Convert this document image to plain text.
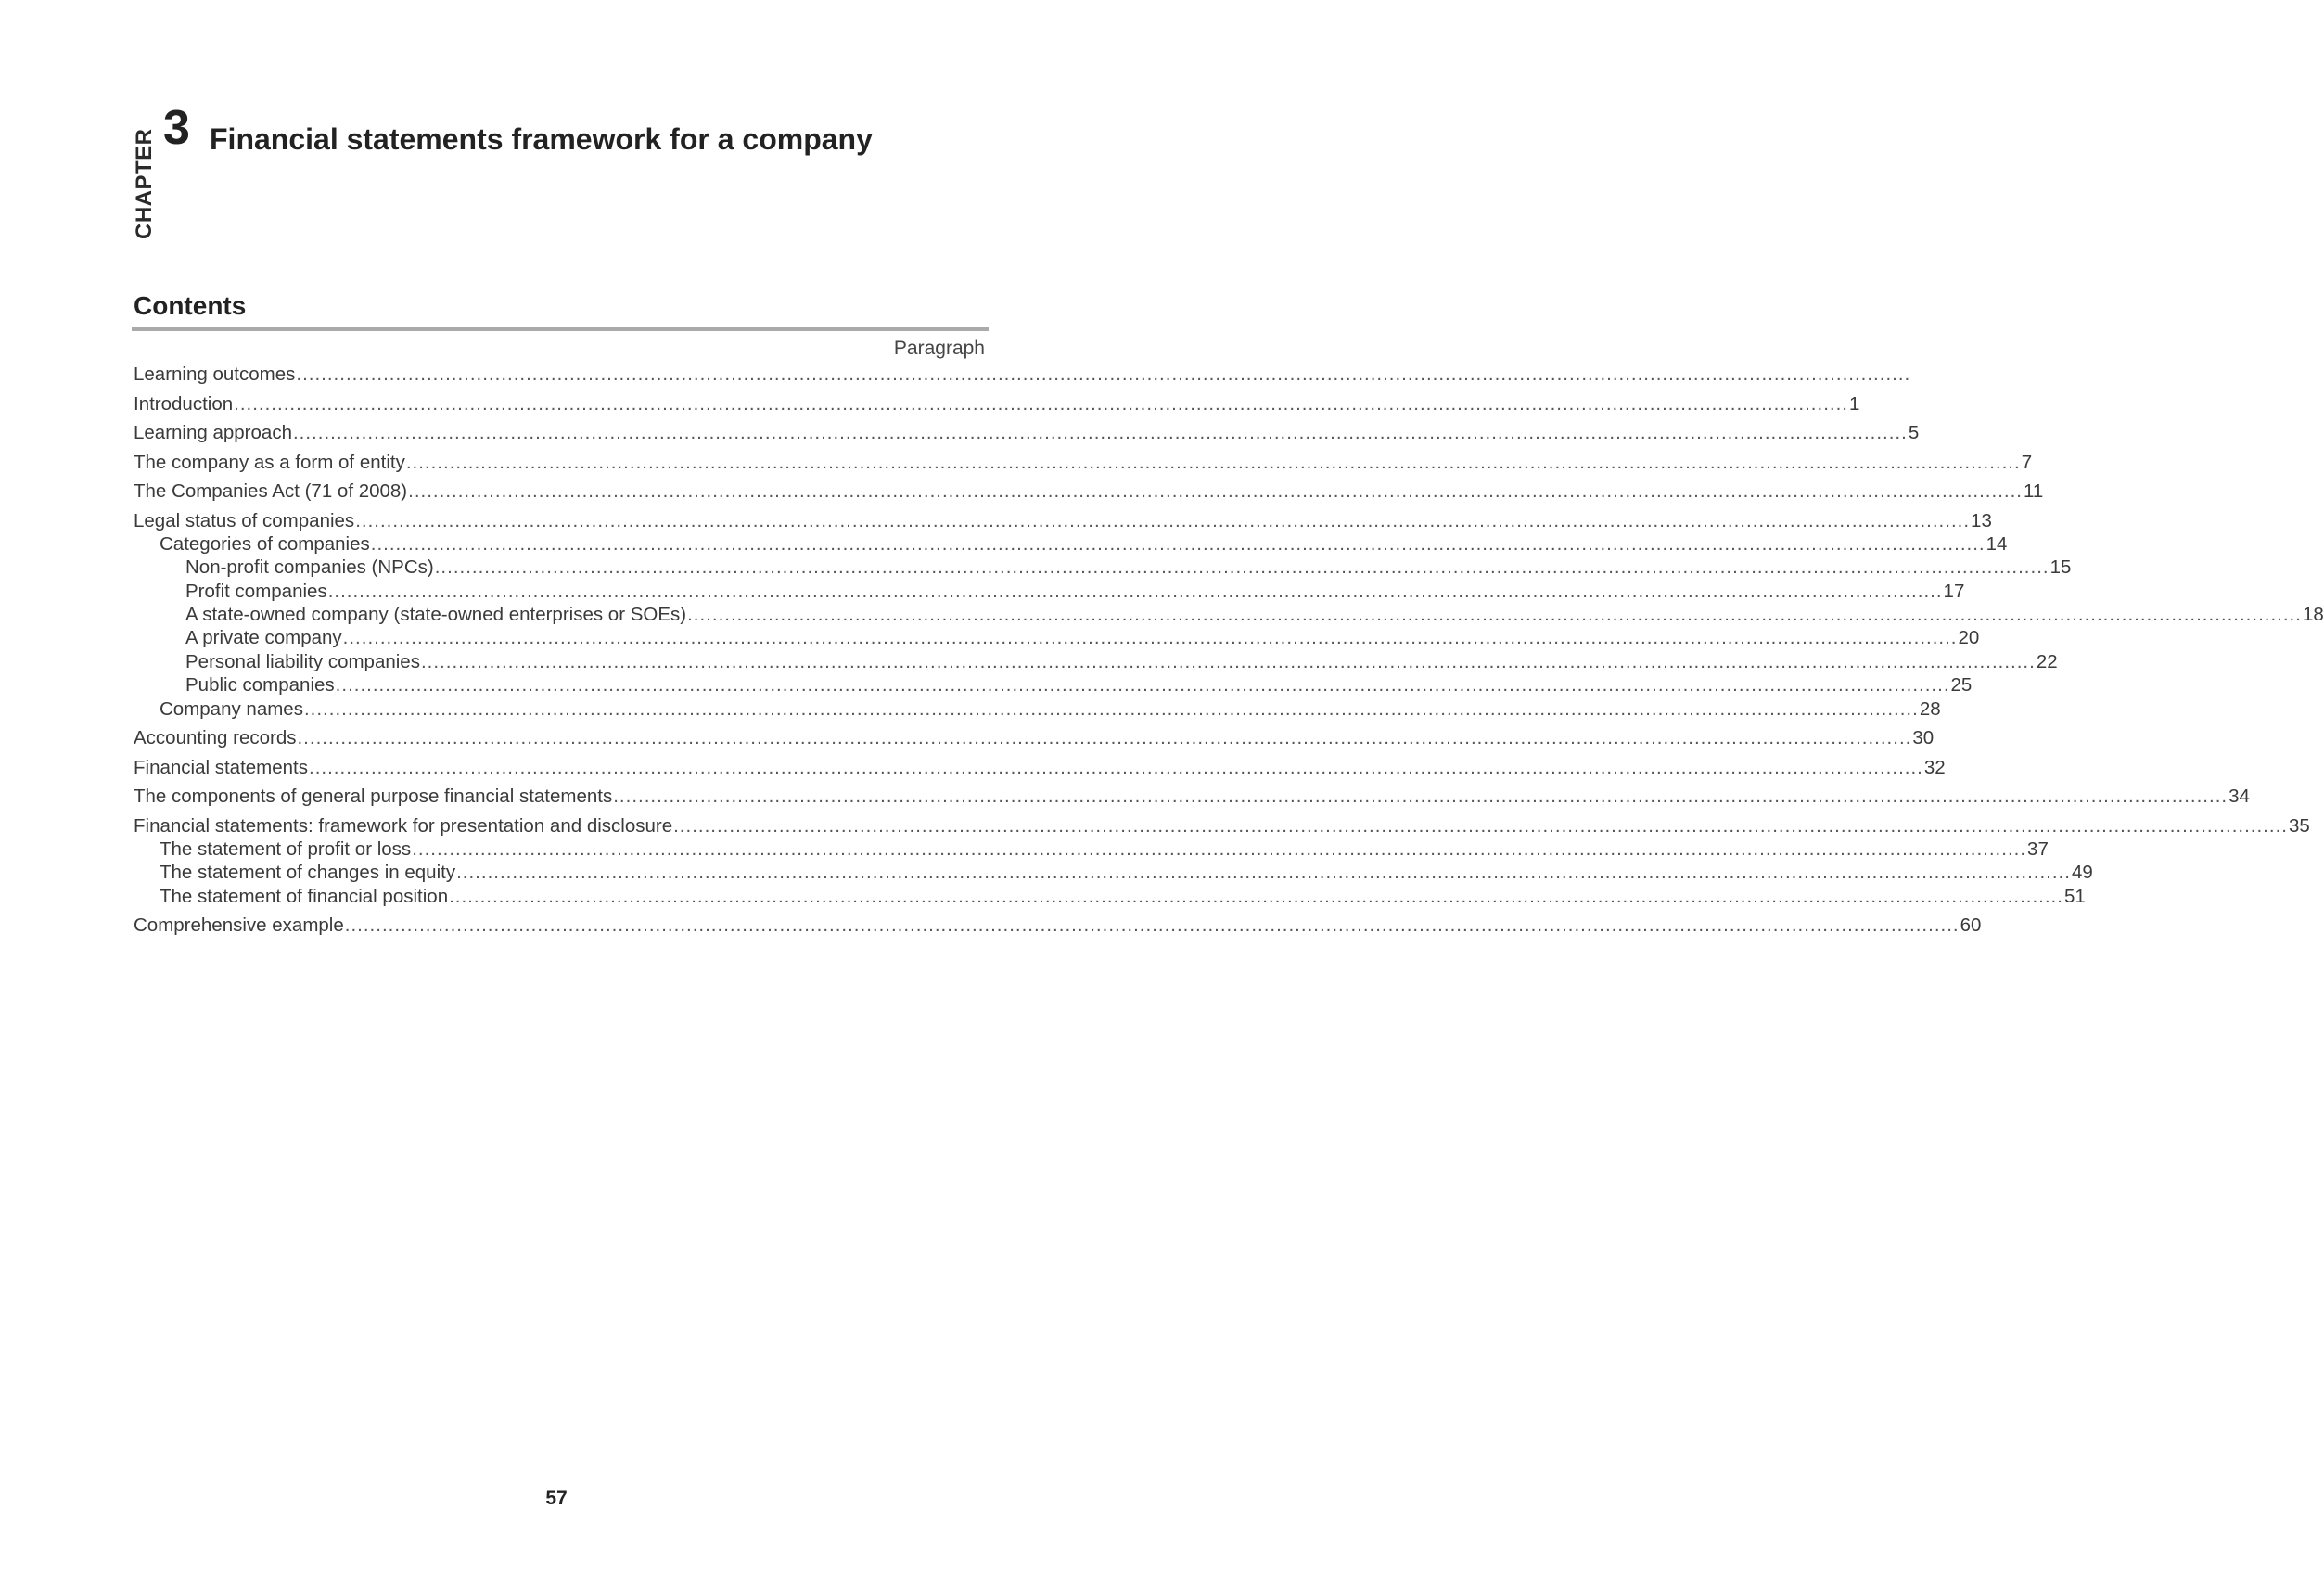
CHAPTER
3 Financial statements framework for a company
Contents
Paragraph
Learning outcomes ....................................................................................................................................................................................................................................................................
Introduction .................................................................................................................................................................................................................................................................... 1
Learning approach .................................................................................................................................................................................................................................................................... 5
The company as a form of entity .................................................................................................................................................................................................................................................................... 7
The Companies Act (71 of 2008) .................................................................................................................................................................................................................................................................... 11
Legal status of companies .................................................................................................................................................................................................................................................................... 13
Categories of companies .................................................................................................................................................................................................................................................................... 14
Non-profit companies (NPCs) .................................................................................................................................................................................................................................................................... 15
Profit companies .................................................................................................................................................................................................................................................................... 17
A state-owned company (state-owned enterprises or SOEs) .................................................................................................................................................................................................................................................................... 18
A private company .................................................................................................................................................................................................................................................................... 20
Personal liability companies .................................................................................................................................................................................................................................................................... 22
Public companies .................................................................................................................................................................................................................................................................... 25
Company names .................................................................................................................................................................................................................................................................... 28
Accounting records .................................................................................................................................................................................................................................................................... 30
Financial statements .................................................................................................................................................................................................................................................................... 32
The components of general purpose financial statements .................................................................................................................................................................................................................................................................... 34
Financial statements: framework for presentation and disclosure .................................................................................................................................................................................................................................................................... 35
The statement of profit or loss .................................................................................................................................................................................................................................................................... 37
The statement of changes in equity .................................................................................................................................................................................................................................................................... 49
The statement of financial position .................................................................................................................................................................................................................................................................... 51
Comprehensive example .................................................................................................................................................................................................................................................................... 60
57
